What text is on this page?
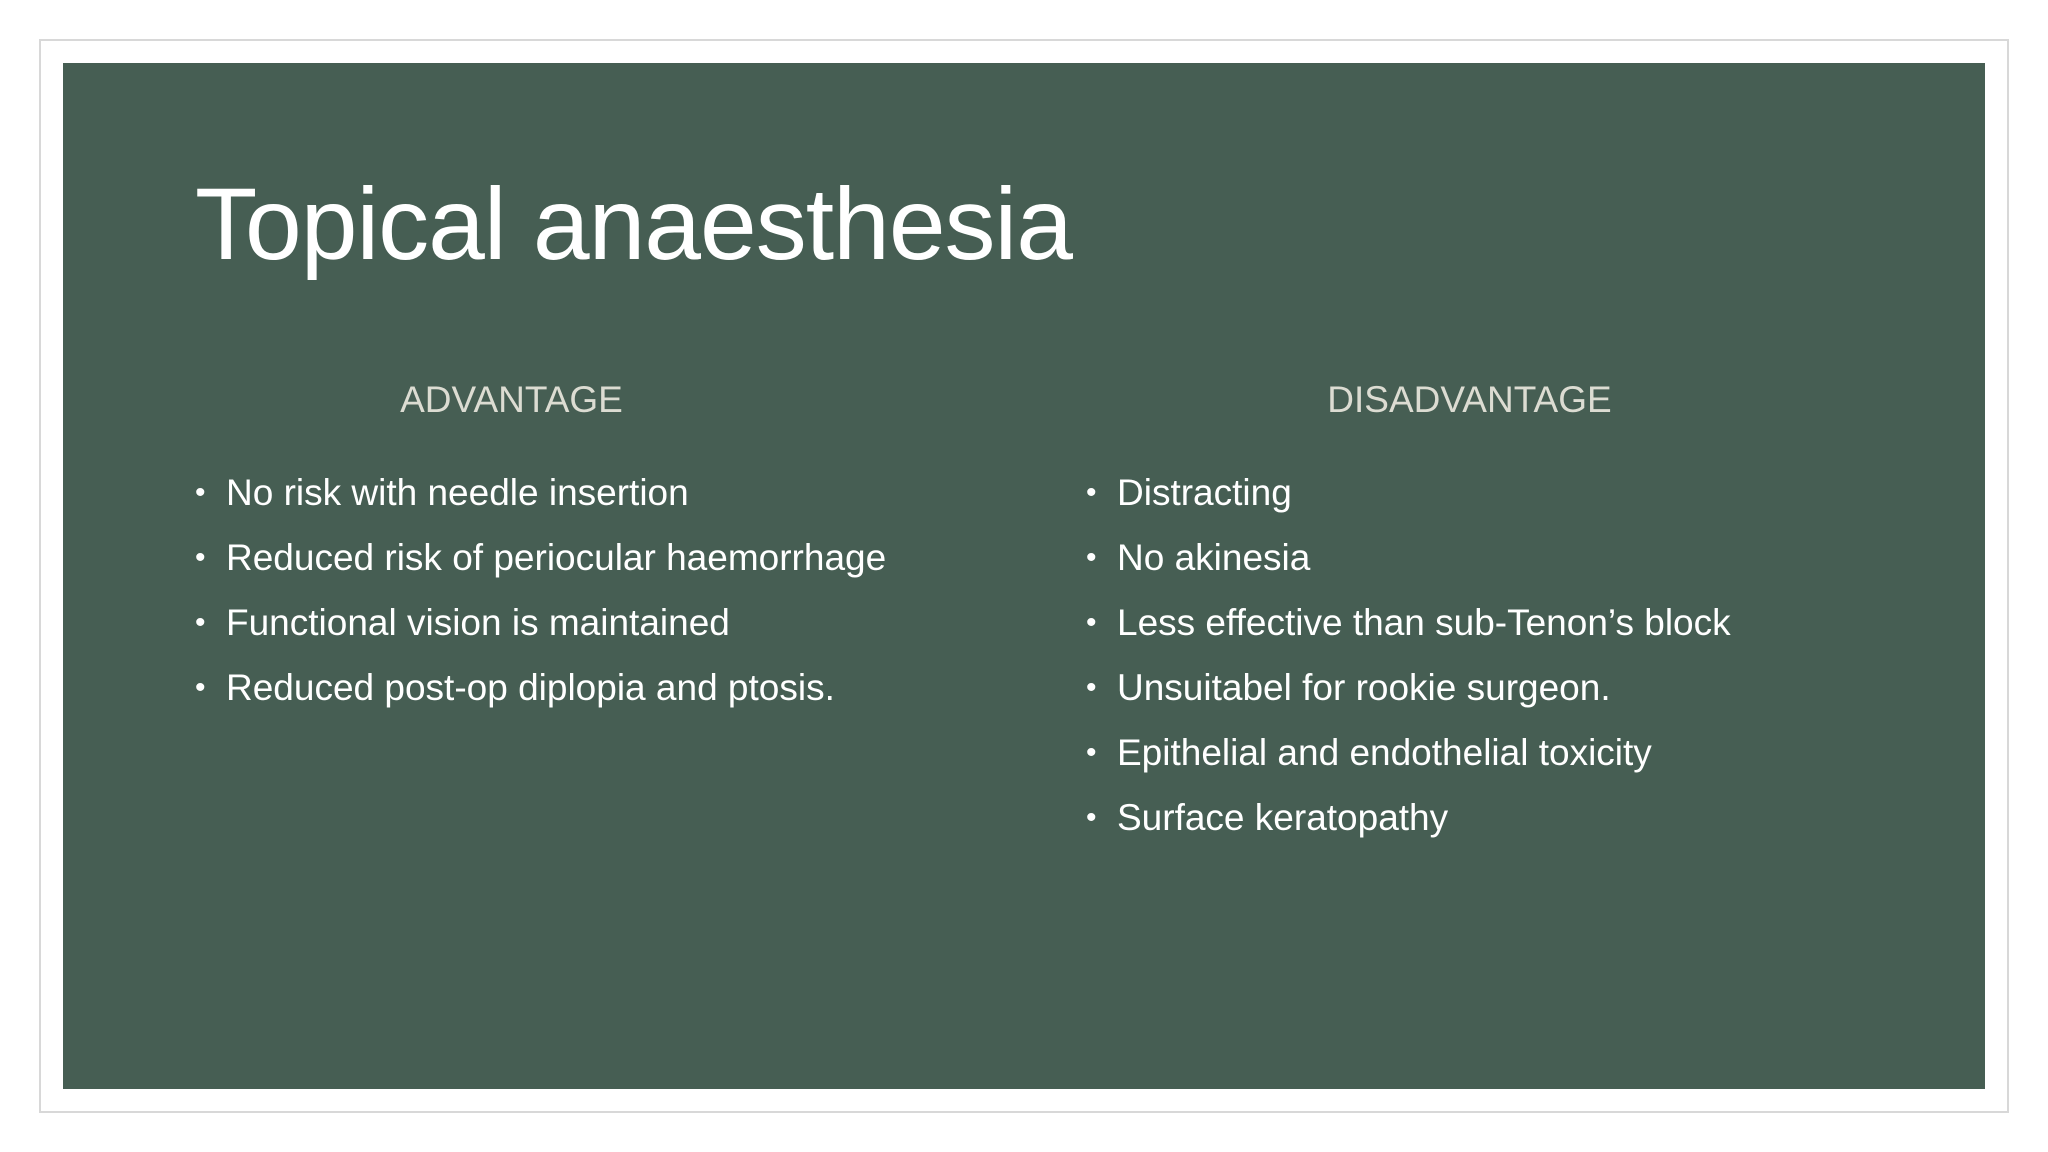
Topical anaesthesia
ADVANTAGE
• No risk with needle insertion
• Reduced risk of periocular haemorrhage
• Functional vision is maintained
• Reduced post-op diplopia and ptosis.
DISADVANTAGE
• Distracting
• No akinesia
• Less effective than sub-Tenon’s block
• Unsuitabel for rookie surgeon.
• Epithelial and endothelial toxicity
• Surface keratopathy
